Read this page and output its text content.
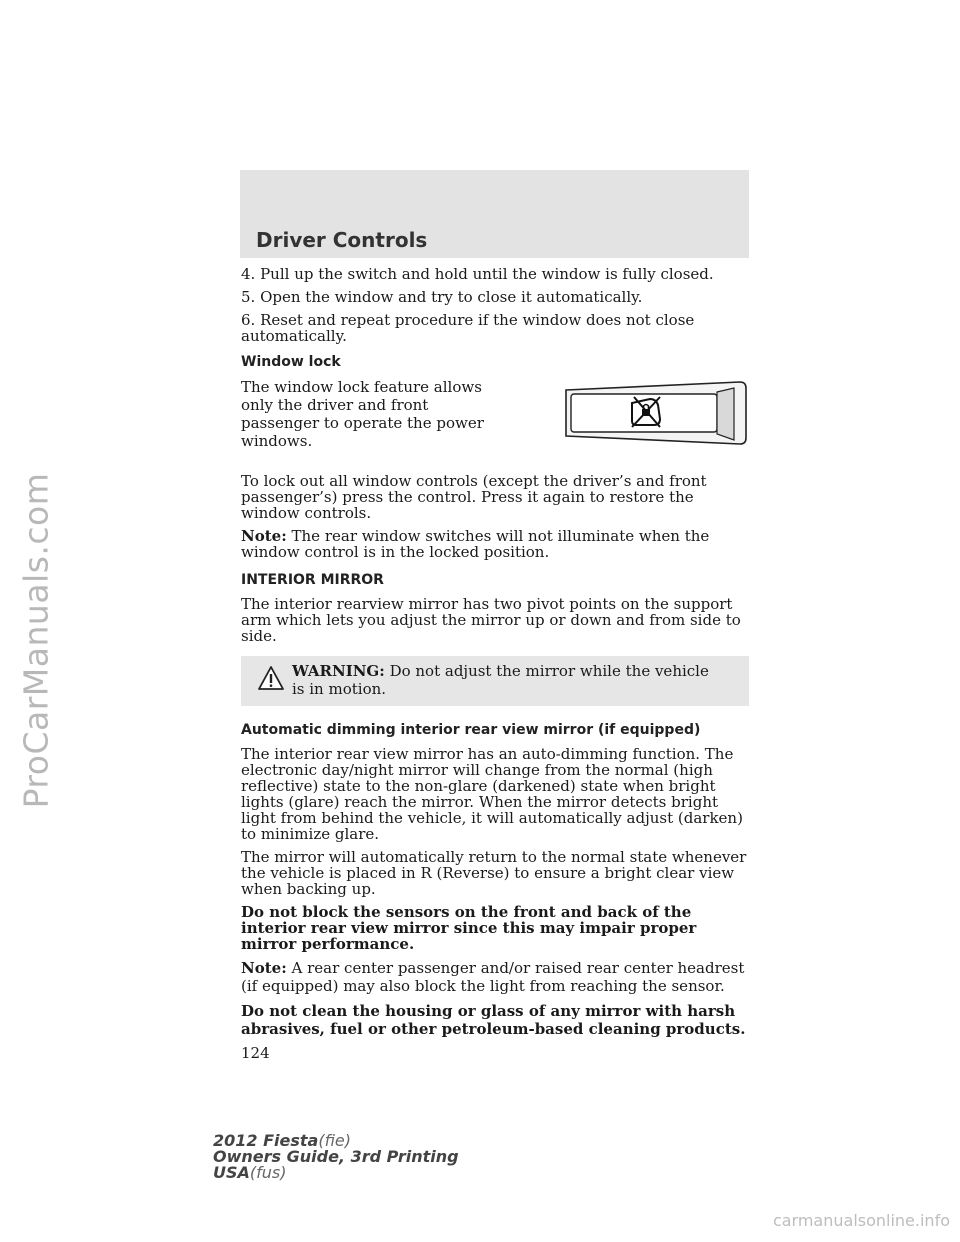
ProCarManuals.com
Driver Controls

4. Pull up the switch and hold until the window is fully closed.

5. Open the window and try to close it automatically.

6. Reset and repeat procedure if the window does not close automatically.

Window lock

The window lock feature allows only the driver and front passenger to operate the power windows.

To lock out all window controls (except the driver’s and front passenger’s) press the control. Press it again to restore the window controls.

Note: The rear window switches will not illuminate when the window control is in the locked position.

INTERIOR MIRROR

The interior rearview mirror has two pivot points on the support arm which lets you adjust the mirror up or down and from side to side.

WARNING: Do not adjust the mirror while the vehicle is in motion.
Automatic dimming interior rear view mirror (if equipped)

The interior rear view mirror has an auto-dimming function. The electronic day/night mirror will change from the normal (high reflective) state to the non-glare (darkened) state when bright lights (glare) reach the mirror. When the mirror detects bright light from behind the vehicle, it will automatically adjust (darken) to minimize glare.

The mirror will automatically return to the normal state whenever the vehicle is placed in R (Reverse) to ensure a bright clear view when backing up.

Do not block the sensors on the front and back of the interior rear view mirror since this may impair proper mirror performance.

Note: A rear center passenger and/or raised rear center headrest (if equipped) may also block the light from reaching the sensor.

Do not clean the housing or glass of any mirror with harsh abrasives, fuel or other petroleum-based cleaning products.

124
2012 Fiesta(fie)
Owners Guide, 3rd Printing
USA(fus)
carmanualsonline.info
